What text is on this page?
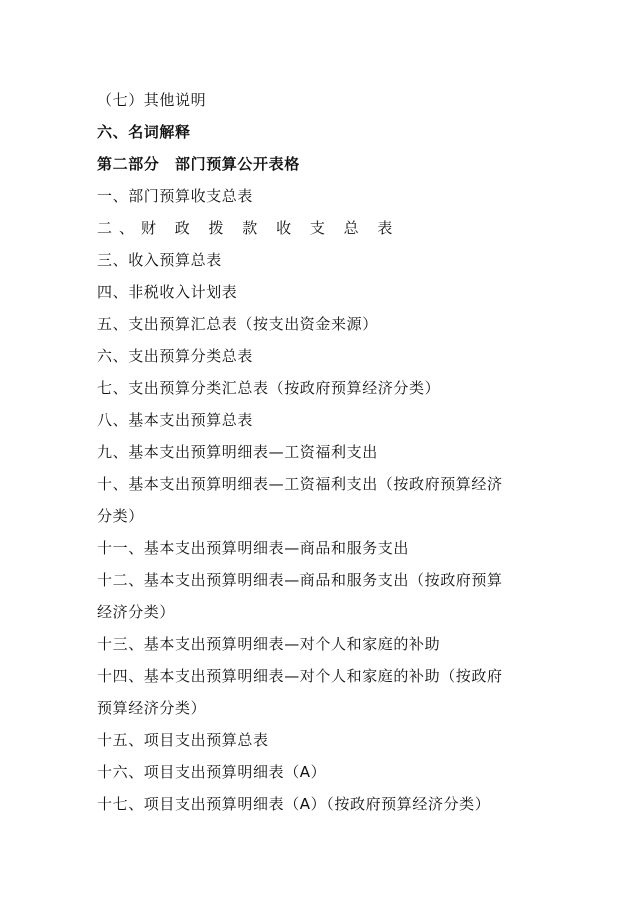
（七）其他说明
六、名词解释
第二部分　部门预算公开表格
一、部门预算收支总表
二、财 政 拨 款 收 支 总 表
三、收入预算总表
四、非税收入计划表
五、支出预算汇总表（按支出资金来源）
六、支出预算分类总表
七、支出预算分类汇总表（按政府预算经济分类）
八、基本支出预算总表
九、基本支出预算明细表—工资福利支出
十、基本支出预算明细表—工资福利支出（按政府预算经济
分类）
十一、基本支出预算明细表—商品和服务支出
十二、基本支出预算明细表—商品和服务支出（按政府预算
经济分类）
十三、基本支出预算明细表—对个人和家庭的补助
十四、基本支出预算明细表—对个人和家庭的补助（按政府
预算经济分类）
十五、项目支出预算总表
十六、项目支出预算明细表（A）
十七、项目支出预算明细表（A）（按政府预算经济分类）
